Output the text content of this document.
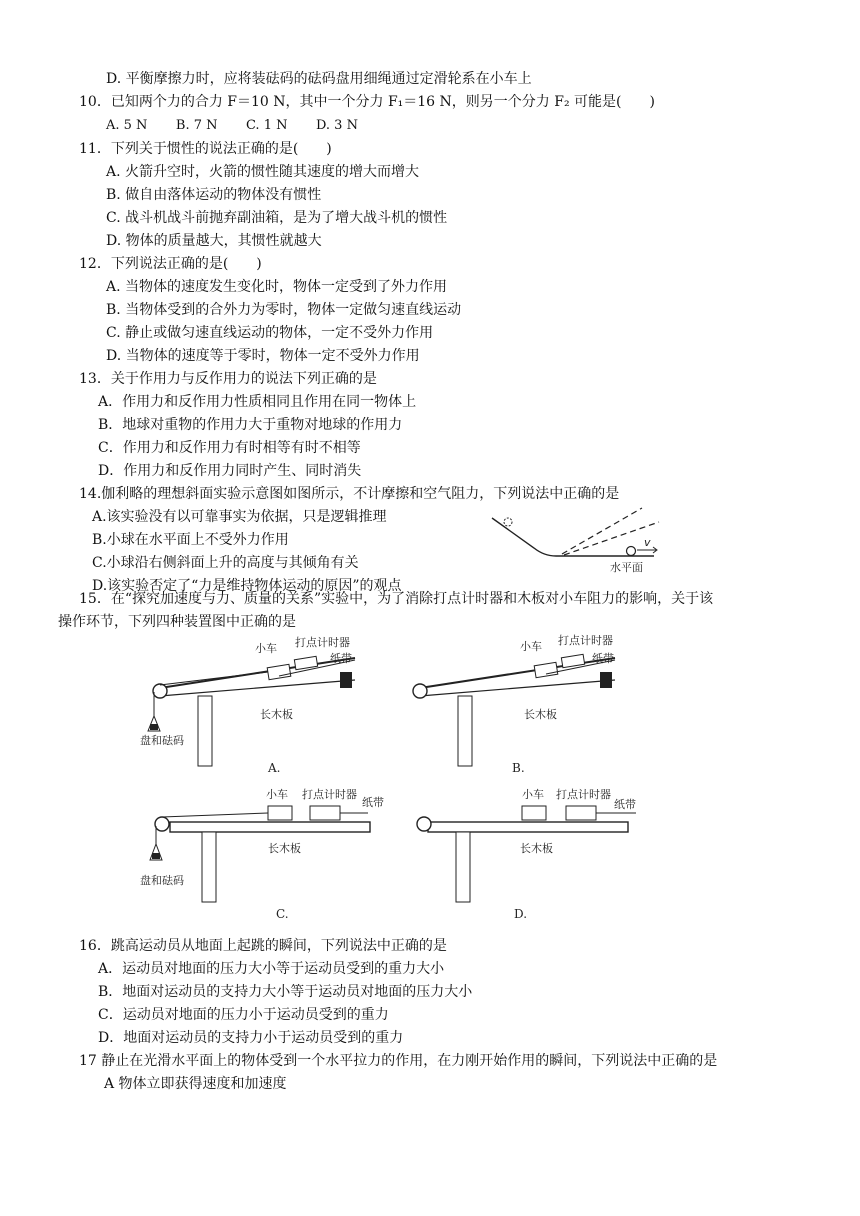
D. 平衡摩擦力时，应将装砝码的砝码盘用细绳通过定滑轮系在小车上
10．已知两个力的合力 F＝10 N，其中一个分力 F₁＝16 N，则另一个分力 F₂ 可能是(　　)
A. 5 N B. 7 N C. 1 N D. 3 N
11．下列关于惯性的说法正确的是(　　)
A. 火箭升空时，火箭的惯性随其速度的增大而增大
B. 做自由落体运动的物体没有惯性
C. 战斗机战斗前抛弃副油箱，是为了增大战斗机的惯性
D. 物体的质量越大，其惯性就越大
12．下列说法正确的是(　　)
A. 当物体的速度发生变化时，物体一定受到了外力作用
B. 当物体受到的合外力为零时，物体一定做匀速直线运动
C. 静止或做匀速直线运动的物体，一定不受外力作用
D. 当物体的速度等于零时，物体一定不受外力作用
13．关于作用力与反作用力的说法下列正确的是
A．作用力和反作用力性质相同且作用在同一物体上
B．地球对重物的作用力大于重物对地球的作用力
C．作用力和反作用力有时相等有时不相等
D．作用力和反作用力同时产生、同时消失
14.伽利略的理想斜面实验示意图如图所示，不计摩擦和空气阻力，下列说法中正确的是
A.该实验没有以可靠事实为依据，只是逻辑推理
B.小球在水平面上不受外力作用
C.小球沿右侧斜面上升的高度与其倾角有关
D.该实验否定了“力是维持物体运动的原因”的观点
v
水平面
15．在“探究加速度与力、质量的关系”实验中，为了消除打点计时器和木板对小车阻力的影响，关于该
操作环节，下列四种装置图中正确的是
小车 打点计时器
纸带
长木板
盘和砝码
A.
小车 打点计时器
纸带
长木板
B.
小车 打点计时器
纸带
长木板
盘和砝码
C.
小车 打点计时器
纸带
长木板
D.
16．跳高运动员从地面上起跳的瞬间，下列说法中正确的是
A．运动员对地面的压力大小等于运动员受到的重力大小
B．地面对运动员的支持力大小等于运动员对地面的压力大小
C．运动员对地面的压力小于运动员受到的重力
D．地面对运动员的支持力小于运动员受到的重力
17 静止在光滑水平面上的物体受到一个水平拉力的作用，在力刚开始作用的瞬间，下列说法中正确的是
A 物体立即获得速度和加速度
